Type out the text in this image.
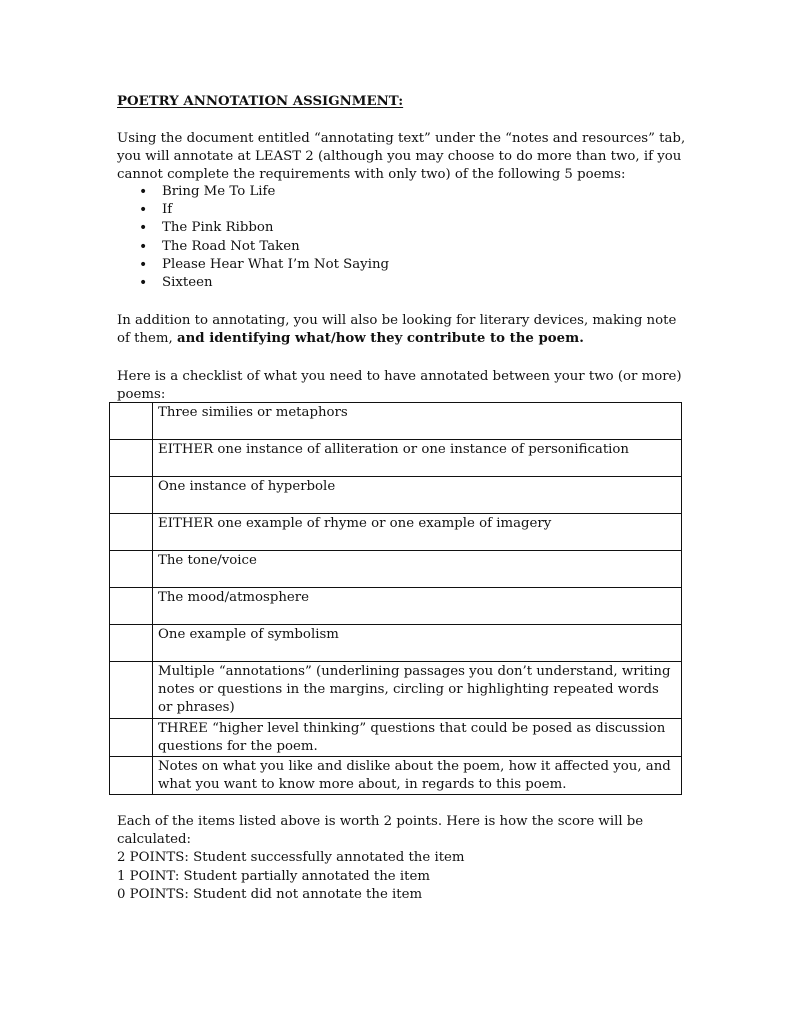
POETRY ANNOTATION ASSIGNMENT:
Using the document entitled “annotating text” under the “notes and resources” tab,
you will annotate at LEAST 2 (although you may choose to do more than two, if you
cannot complete the requirements with only two) of the following 5 poems:
• Bring Me To Life
• If
• The Pink Ribbon
• The Road Not Taken
• Please Hear What I’m Not Saying
• Sixteen
In addition to annotating, you will also be looking for literary devices, making note
of them, and identifying what/how they contribute to the poem.
Here is a checklist of what you need to have annotated between your two (or more)
poems:
	Three similies or metaphors
	EITHER one instance of alliteration or one instance of personification
	One instance of hyperbole
	EITHER one example of rhyme or one example of imagery
	The tone/voice
	The mood/atmosphere
	One example of symbolism
	Multiple “annotations” (underlining passages you don’t understand, writing notes or questions in the margins, circling or highlighting repeated words or phrases)
	THREE “higher level thinking” questions that could be posed as discussion questions for the poem.
	Notes on what you like and dislike about the poem, how it affected you, and what you want to know more about, in regards to this poem.
Each of the items listed above is worth 2 points. Here is how the score will be
calculated:
2 POINTS: Student successfully annotated the item
1 POINT: Student partially annotated the item
0 POINTS: Student did not annotate the item
